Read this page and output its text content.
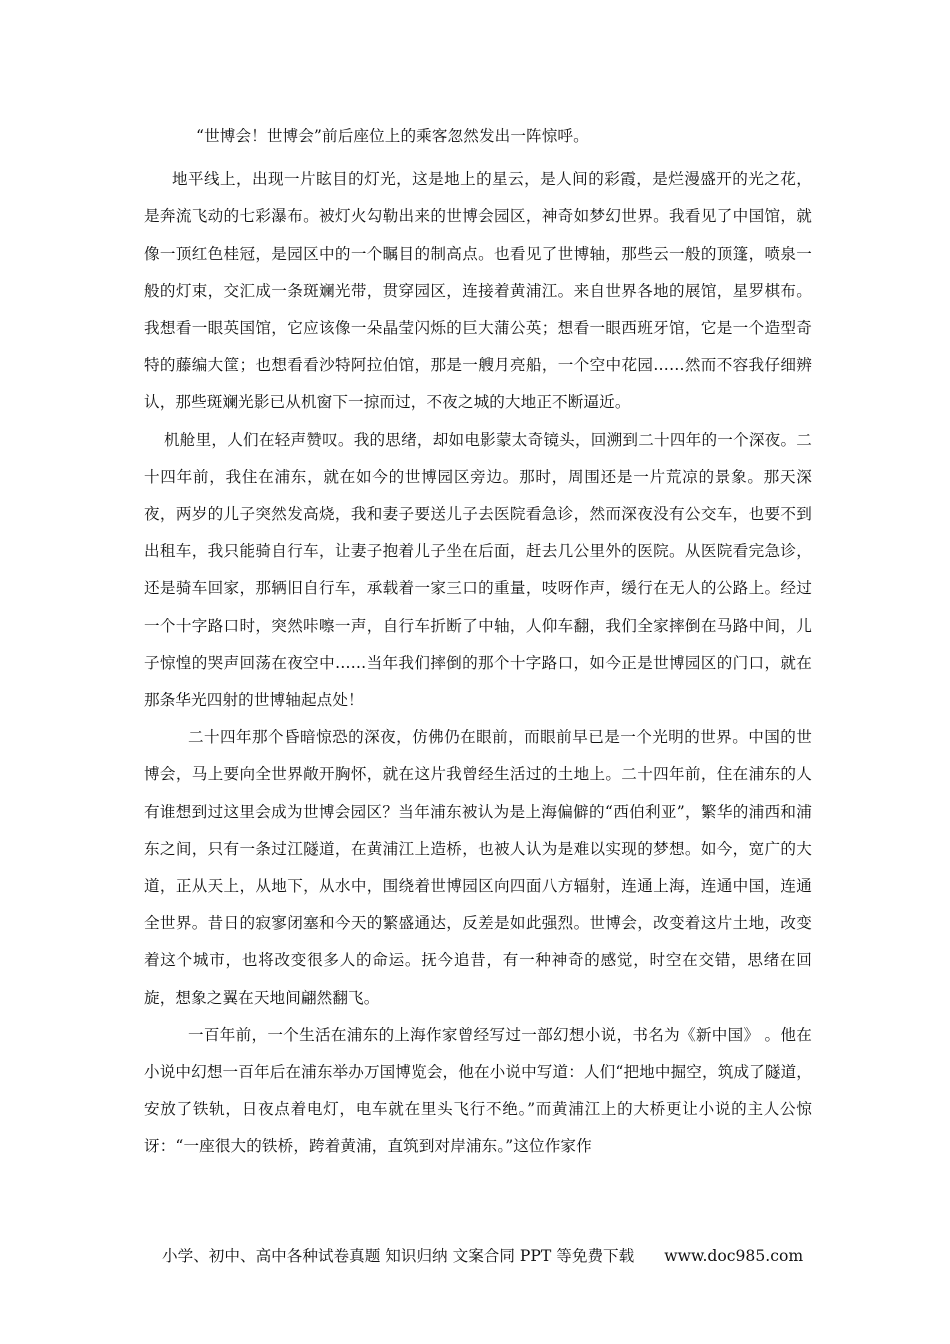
“世博会！世博会”前后座位上的乘客忽然发出一阵惊呼。

地平线上，出现一片眩目的灯光，这是地上的星云，是人间的彩霞，是烂漫盛开的光之花，是奔流飞动的七彩瀑布。被灯火勾勒出来的世博会园区，神奇如梦幻世界。我看见了中国馆，就像一顶红色桂冠，是园区中的一个瞩目的制高点。也看见了世博轴，那些云一般的顶篷，喷泉一般的灯束，交汇成一条斑斓光带，贯穿园区，连接着黄浦江。来自世界各地的展馆，星罗棋布。我想看一眼英国馆，它应该像一朵晶莹闪烁的巨大蒲公英；想看一眼西班牙馆，它是一个造型奇特的藤编大筐；也想看看沙特阿拉伯馆，那是一艘月亮船，一个空中花园……然而不容我仔细辨认，那些斑斓光影已从机窗下一掠而过，不夜之城的大地正不断逼近。

机舱里，人们在轻声赞叹。我的思绪，却如电影蒙太奇镜头，回溯到二十四年的一个深夜。二十四年前，我住在浦东，就在如今的世博园区旁边。那时，周围还是一片荒凉的景象。那天深夜，两岁的儿子突然发高烧，我和妻子要送儿子去医院看急诊，然而深夜没有公交车，也要不到出租车，我只能骑自行车，让妻子抱着儿子坐在后面，赶去几公里外的医院。从医院看完急诊，还是骑车回家，那辆旧自行车，承载着一家三口的重量，吱呀作声，缓行在无人的公路上。经过一个十字路口时，突然咔嚓一声，自行车折断了中轴，人仰车翻，我们全家摔倒在马路中间，儿子惊惶的哭声回荡在夜空中……当年我们摔倒的那个十字路口，如今正是世博园区的门口，就在那条华光四射的世博轴起点处！

二十四年那个昏暗惊恐的深夜，仿佛仍在眼前，而眼前早已是一个光明的世界。中国的世博会，马上要向全世界敞开胸怀，就在这片我曾经生活过的土地上。二十四年前，住在浦东的人有谁想到过这里会成为世博会园区？当年浦东被认为是上海偏僻的“西伯利亚”，繁华的浦西和浦东之间，只有一条过江隧道，在黄浦江上造桥，也被人认为是难以实现的梦想。如今，宽广的大道，正从天上，从地下，从水中，围绕着世博园区向四面八方辐射，连通上海，连通中国，连通全世界。昔日的寂寥闭塞和今天的繁盛通达，反差是如此强烈。世博会，改变着这片土地，改变着这个城市，也将改变很多人的命运。抚今追昔，有一种神奇的感觉，时空在交错，思绪在回旋，想象之翼在天地间翩然翻飞。

一百年前，一个生活在浦东的上海作家曾经写过一部幻想小说，书名为《新中国》 。他在小说中幻想一百年后在浦东举办万国博览会，他在小说中写道：人们“把地中掘空，筑成了隧道，安放了铁轨，日夜点着电灯，电车就在里头飞行不绝。”而黄浦江上的大桥更让小说的主人公惊讶：“一座很大的铁桥，跨着黄浦，直筑到对岸浦东。”这位作家作

小学、初中、高中各种试卷真题 知识归纳 文案合同 PPT 等免费下载 www.doc985.com
